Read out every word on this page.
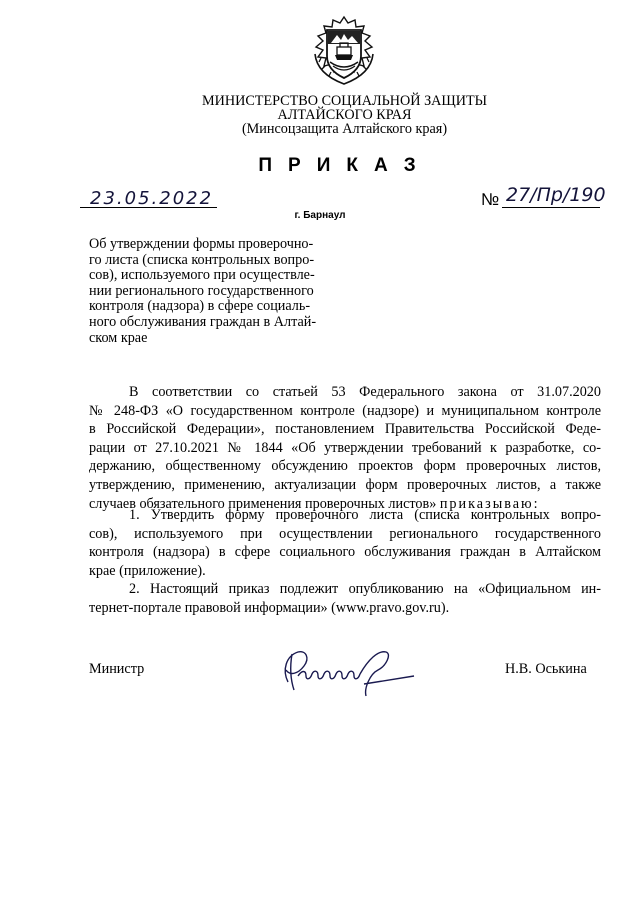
МИНИСТЕРСТВО СОЦИАЛЬНОЙ ЗАЩИТЫ
АЛТАЙСКОГО КРАЯ
(Минсоцзащита Алтайского края)
ПРИКАЗ
23.05.2022	№ 27/Пр/190
г. Барнаул
Об утверждении формы проверочно-
го листа (списка контрольных вопро-
сов), используемого при осуществле-
нии регионального государственного
контроля (надзора) в сфере социаль-
ного обслуживания граждан в Алтай-
ском крае
В соответствии со статьей 53 Федерального закона от 31.07.2020
№ 248-ФЗ «О государственном контроле (надзоре) и муниципальном контроле
в Российской Федерации», постановлением Правительства Российской Феде-
рации от 27.10.2021 № 1844 «Об утверждении требований к разработке, со-
держанию, общественному обсуждению проектов форм проверочных листов,
утверждению, применению, актуализации форм проверочных листов, а также
случаев обязательного применения проверочных листов» приказываю:
1. Утвердить форму проверочного листа (списка контрольных вопро-
сов), используемого при осуществлении регионального государственного
контроля (надзора) в сфере социального обслуживания граждан в Алтайском
крае (приложение).
2. Настоящий приказ подлежит опубликованию на «Официальном ин-
тернет-портале правовой информации» (www.pravo.gov.ru).
Министр	Н.В. Оськина
